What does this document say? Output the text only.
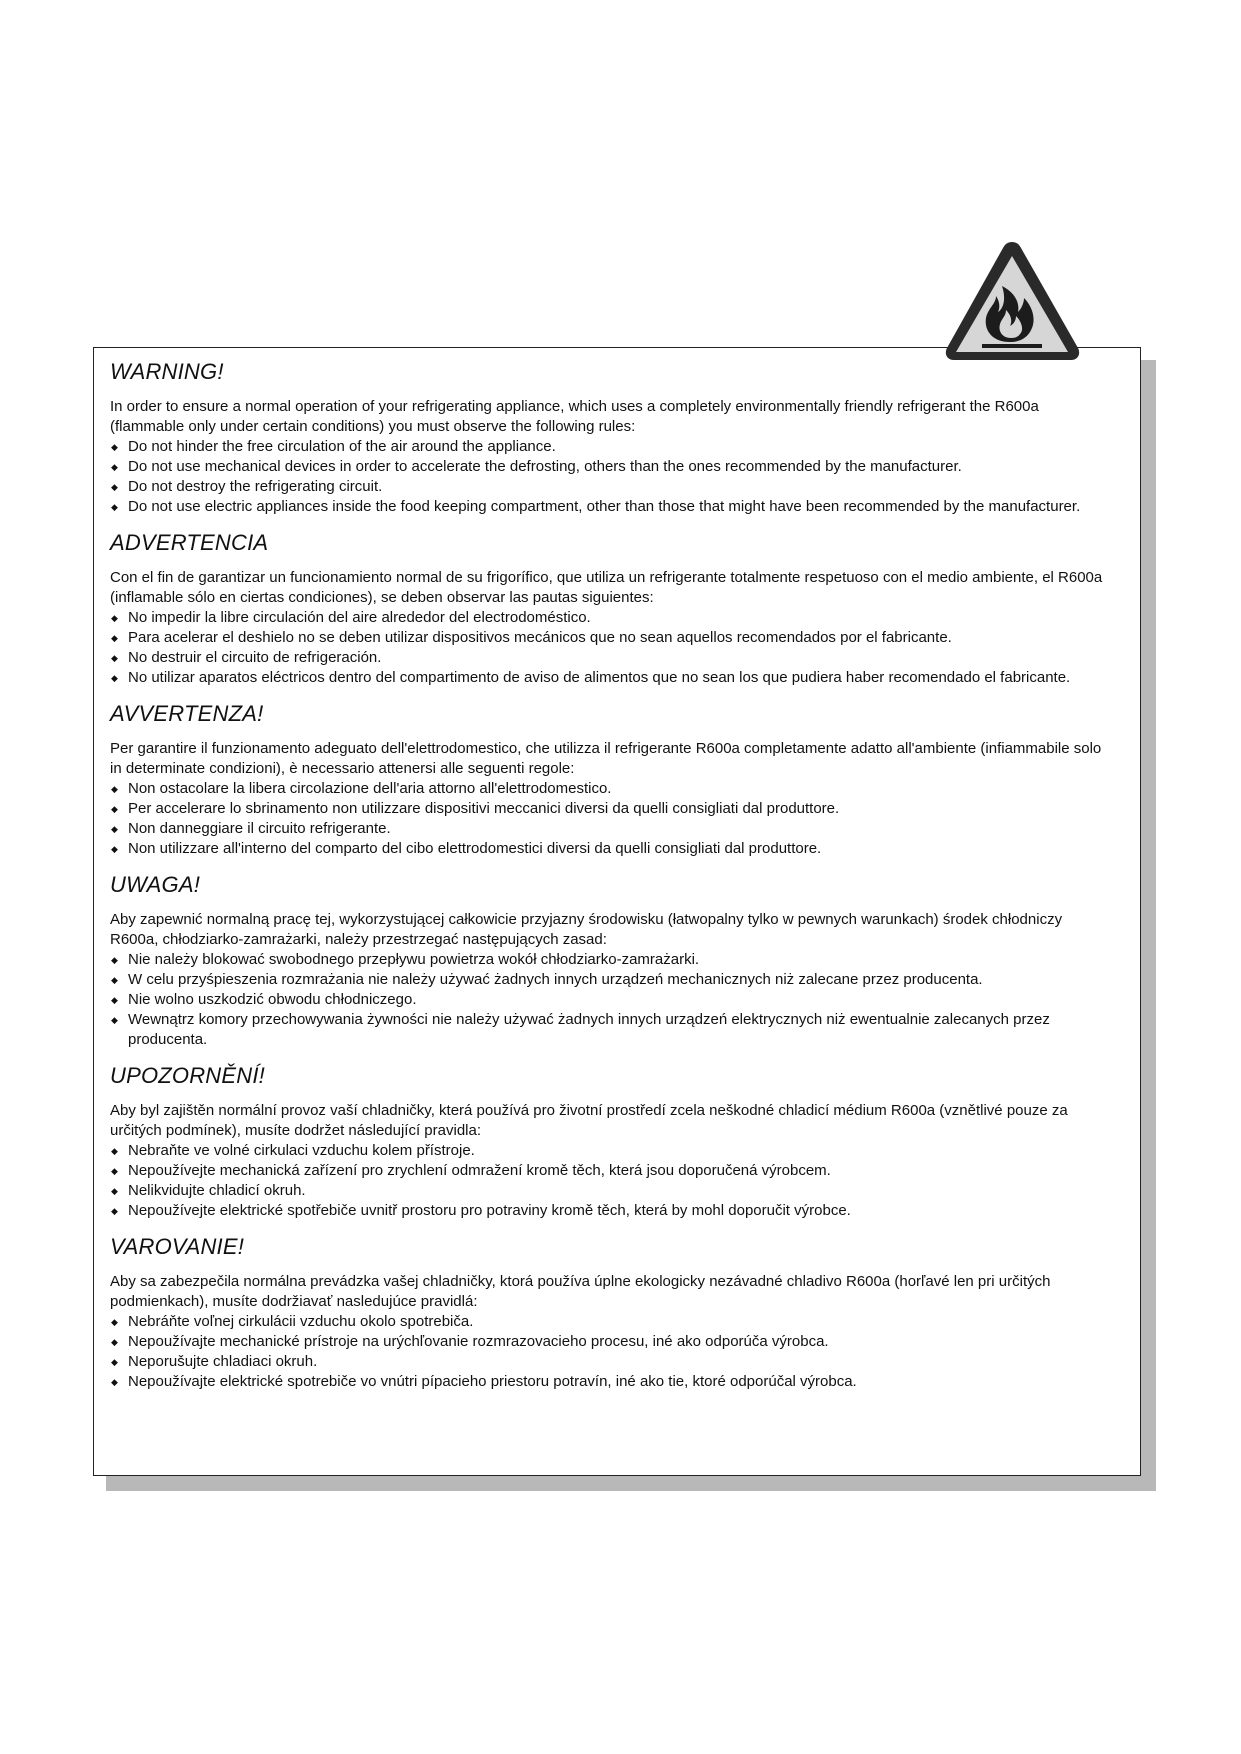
WARNING!

In order to ensure a normal operation of your refrigerating appliance, which uses a completely environmentally friendly refrigerant the R600a (flammable only under certain conditions) you must observe the following rules:

◆ Do not hinder the free circulation of the air around the appliance.
◆ Do not use mechanical devices in order to accelerate the defrosting, others than the ones recommended by the manufacturer.
◆ Do not destroy the refrigerating circuit.
◆ Do not use electric appliances inside the food keeping compartment, other than those that might have been recommended by the manufacturer.
ADVERTENCIA

Con el fin de garantizar un funcionamiento normal de su frigorífico, que utiliza un refrigerante totalmente respetuoso con el medio ambiente, el R600a (inflamable sólo en ciertas condiciones), se deben observar las pautas siguientes:

◆ No impedir la libre circulación del aire alrededor del electrodoméstico.
◆ Para acelerar el deshielo no se deben utilizar dispositivos mecánicos que no sean aquellos recomendados por el fabricante.
◆ No destruir el circuito de refrigeración.
◆ No utilizar aparatos eléctricos dentro del compartimento de aviso de alimentos que no sean los que pudiera haber recomendado el fabricante.
AVVERTENZA!

Per garantire il funzionamento adeguato dell'elettrodomestico, che utilizza il refrigerante R600a completamente adatto all'ambiente (infiammabile solo in determinate condizioni), è necessario attenersi alle seguenti regole:

◆ Non ostacolare la libera circolazione dell'aria attorno all'elettrodomestico.
◆ Per accelerare lo sbrinamento non utilizzare dispositivi meccanici diversi da quelli consigliati dal produttore.
◆ Non danneggiare il circuito refrigerante.
◆ Non utilizzare all'interno del comparto del cibo elettrodomestici diversi da quelli consigliati dal produttore.
UWAGA!

Aby zapewnić normalną pracę tej, wykorzystującej całkowicie przyjazny środowisku (łatwopalny tylko w pewnych warunkach) środek chłodniczy R600a, chłodziarko-zamrażarki, należy przestrzegać następujących zasad:

◆ Nie należy blokować swobodnego przepływu powietrza wokół chłodziarko-zamrażarki.
◆ W celu przyśpieszenia rozmrażania nie należy używać żadnych innych urządzeń mechanicznych niż zalecane przez producenta.
◆ Nie wolno uszkodzić obwodu chłodniczego.
◆ Wewnątrz komory przechowywania żywności nie należy używać żadnych innych urządzeń elektrycznych niż ewentualnie zalecanych przez producenta.
UPOZORNĚNÍ!

Aby byl zajištěn normální provoz vaší chladničky, která používá pro životní prostředí zcela neškodné chladicí médium R600a (vznětlivé pouze za určitých podmínek), musíte dodržet následující pravidla:

◆ Nebraňte ve volné cirkulaci vzduchu kolem přístroje.
◆ Nepoužívejte mechanická zařízení pro zrychlení odmražení kromě těch, která jsou doporučená výrobcem.
◆ Nelikvidujte chladicí okruh.
◆ Nepoužívejte elektrické spotřebiče uvnitř prostoru pro potraviny kromě těch, která by mohl doporučit výrobce.
VAROVANIE!

Aby sa zabezpečila normálna prevádzka vašej chladničky, ktorá používa úplne ekologicky nezávadné chladivo R600a (horľavé len pri určitých podmienkach), musíte dodržiavať nasledujúce pravidlá:

◆ Nebráňte voľnej cirkulácii vzduchu okolo spotrebiča.
◆ Nepoužívajte mechanické prístroje na urýchľovanie rozmrazovacieho procesu, iné ako odporúča výrobca.
◆ Neporušujte chladiaci okruh.
◆ Nepoužívajte elektrické spotrebiče vo vnútri pípacieho priestoru potravín, iné ako tie, ktoré odporúčal výrobca.
